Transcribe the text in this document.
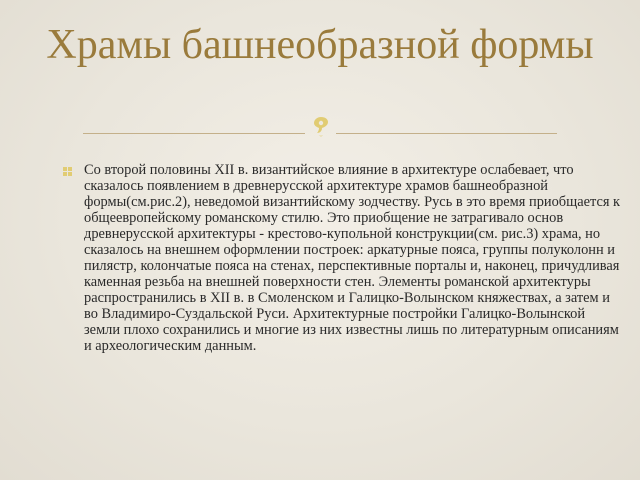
Храмы башнеобразной формы

Со второй половины XII в. византийское влияние в архитектуре ослабевает, что сказалось появлением в древнерусской архитектуре храмов башнеобразной формы(см.рис.2), неведомой византийскому зодчеству. Русь в это время приобщается к общеевропейскому романскому стилю. Это приобщение не затрагивало основ древнерусской архитектуры - крестово-купольной конструкции(см. рис.3) храма, но сказалось на внешнем оформлении построек: аркатурные пояса, группы полуколонн и пилястр, колончатые пояса на стенах, перспективные порталы и, наконец, причудливая каменная резьба на внешней поверхности стен. Элементы романской архитектуры распространились в XII в. в Смоленском и Галицко-Волынском княжествах, а затем и во Владимиро-Суздальской Руси. Архитектурные постройки Галицко-Волынской земли плохо сохранились и многие из них известны лишь по литературным описаниям и археологическим данным.
